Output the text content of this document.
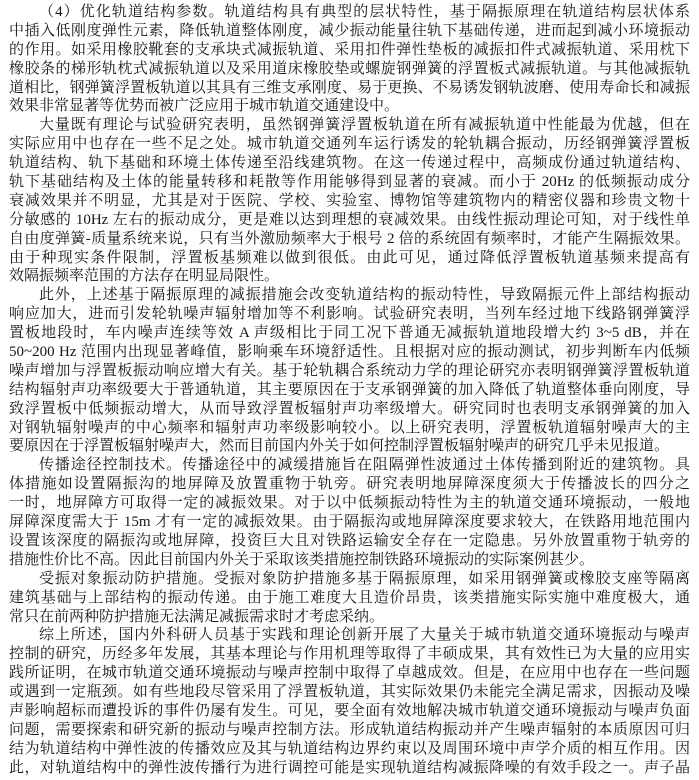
（4）优化轨道结构参数。轨道结构具有典型的层状特性，基于隔振原理在轨道结构层状体系
中插入低刚度弹性元素，降低轨道整体刚度，减少振动能量往轨下基础传递，进而起到减小环境振动
的作用。如采用橡胶靴套的支承块式减振轨道、采用扣件弹性垫板的减振扣件式减振轨道、采用枕下
橡胶条的梯形轨枕式减振轨道以及采用道床橡胶垫或螺旋钢弹簧的浮置板式减振轨道。与其他减振轨
道相比，钢弹簧浮置板轨道以其具有三维支承刚度、易于更换、不易诱发钢轨波磨、使用寿命长和减振
效果非常显著等优势而被广泛应用于城市轨道交通建设中。
大量既有理论与试验研究表明，虽然钢弹簧浮置板轨道在所有减振轨道中性能最为优越，但在
实际应用中也存在一些不足之处。城市轨道交通列车运行诱发的轮轨耦合振动，历经钢弹簧浮置板
轨道结构、轨下基础和环境土体传递至沿线建筑物。在这一传递过程中，高频成份通过轨道结构、
轨下基础结构及土体的能量转移和耗散等作用能够得到显著的衰减。而小于 20Hz 的低频振动成分
衰减效果并不明显，尤其是对于医院、学校、实验室、博物馆等建筑物内的精密仪器和珍贵文物十
分敏感的 10Hz 左右的振动成分，更是难以达到理想的衰减效果。由线性振动理论可知，对于线性单
自由度弹簧-质量系统来说，只有当外激励频率大于根号 2 倍的系统固有频率时，才能产生隔振效果。
由于种现实条件限制，浮置板基频难以做到很低。由此可见，通过降低浮置板轨道基频来提高有
效隔振频率范围的方法存在明显局限性。
此外，上述基于隔振原理的减振措施会改变轨道结构的振动特性，导致隔振元件上部结构振动
响应加大，进而引发轮轨噪声辐射增加等不利影响。试验研究表明，当列车经过地下线路钢弹簧浮
置板地段时，车内噪声连续等效 A 声级相比于同工况下普通无减振轨道地段增大约 3~5 dB，并在
50~200 Hz 范围内出现显著峰值，影响乘车环境舒适性。且根据对应的振动测试，初步判断车内低频
噪声增加与浮置板振动响应增大有关。基于轮轨耦合系统动力学的理论研究亦表明钢弹簧浮置板轨道
结构辐射声功率级要大于普通轨道，其主要原因在于支承钢弹簧的加入降低了轨道整体垂向刚度，导
致浮置板中低频振动增大，从而导致浮置板辐射声功率级增大。研究同时也表明支承钢弹簧的加入
对钢轨辐射噪声的中心频率和辐射声功率级影响较小。以上研究表明，浮置板轨道辐射噪声大的主
要原因在于浮置板辐射噪声大，然而目前国内外关于如何控制浮置板辐射噪声的研究几乎未见报道。
传播途径控制技术。传播途径中的减缓措施旨在阻隔弹性波通过土体传播到附近的建筑物。具
体措施如设置隔振沟的地屏障及放置重物于轨旁。研究表明地屏障深度须大于传播波长的四分之
一时，地屏障方可取得一定的减振效果。对于以中低频振动特性为主的轨道交通环境振动，一般地
屏障深度需大于 15m 才有一定的减振效果。由于隔振沟或地屏障深度要求较大，在铁路用地范围内
设置该深度的隔振沟或地屏障，投资巨大且对铁路运输安全存在一定隐患。另外放置重物于轨旁的
措施性价比不高。因此目前国内外关于采取该类措施控制铁路环境振动的实际案例甚少。
受振对象振动防护措施。受振对象防护措施多基于隔振原理，如采用钢弹簧或橡胶支座等隔离
建筑基础与上部结构的振动传递。由于施工难度大且造价昂贵，该类措施实际实施中难度极大，通
常只在前两种防护措施无法满足减振需求时才考虑采纳。
综上所述，国内外科研人员基于实践和理论创新开展了大量关于城市轨道交通环境振动与噪声
控制的研究，历经多年发展，其基本理论与作用机理等取得了丰硕成果，其有效性已为大量的应用实
践所证明，在城市轨道交通环境振动与噪声控制中取得了卓越成效。但是，在应用中也存在一些问题
或遇到一定瓶颈。如有些地段尽管采用了浮置板轨道，其实际效果仍未能完全满足需求，因振动及噪
声影响超标而遭投诉的事件仍屡有发生。可见，要全面有效地解决城市轨道交通环境振动与噪声负面
问题，需要探索和研究新的振动与噪声控制方法。形成轨道结构振动并产生噪声辐射的本质原因可归
结为轨道结构中弹性波的传播效应及其与轨道结构边界约束以及周围环境中声学介质的相互作用。因
此，对轨道结构中的弹性波传播行为进行调控可能是实现轨道结构减振降噪的有效手段之一。声子晶
